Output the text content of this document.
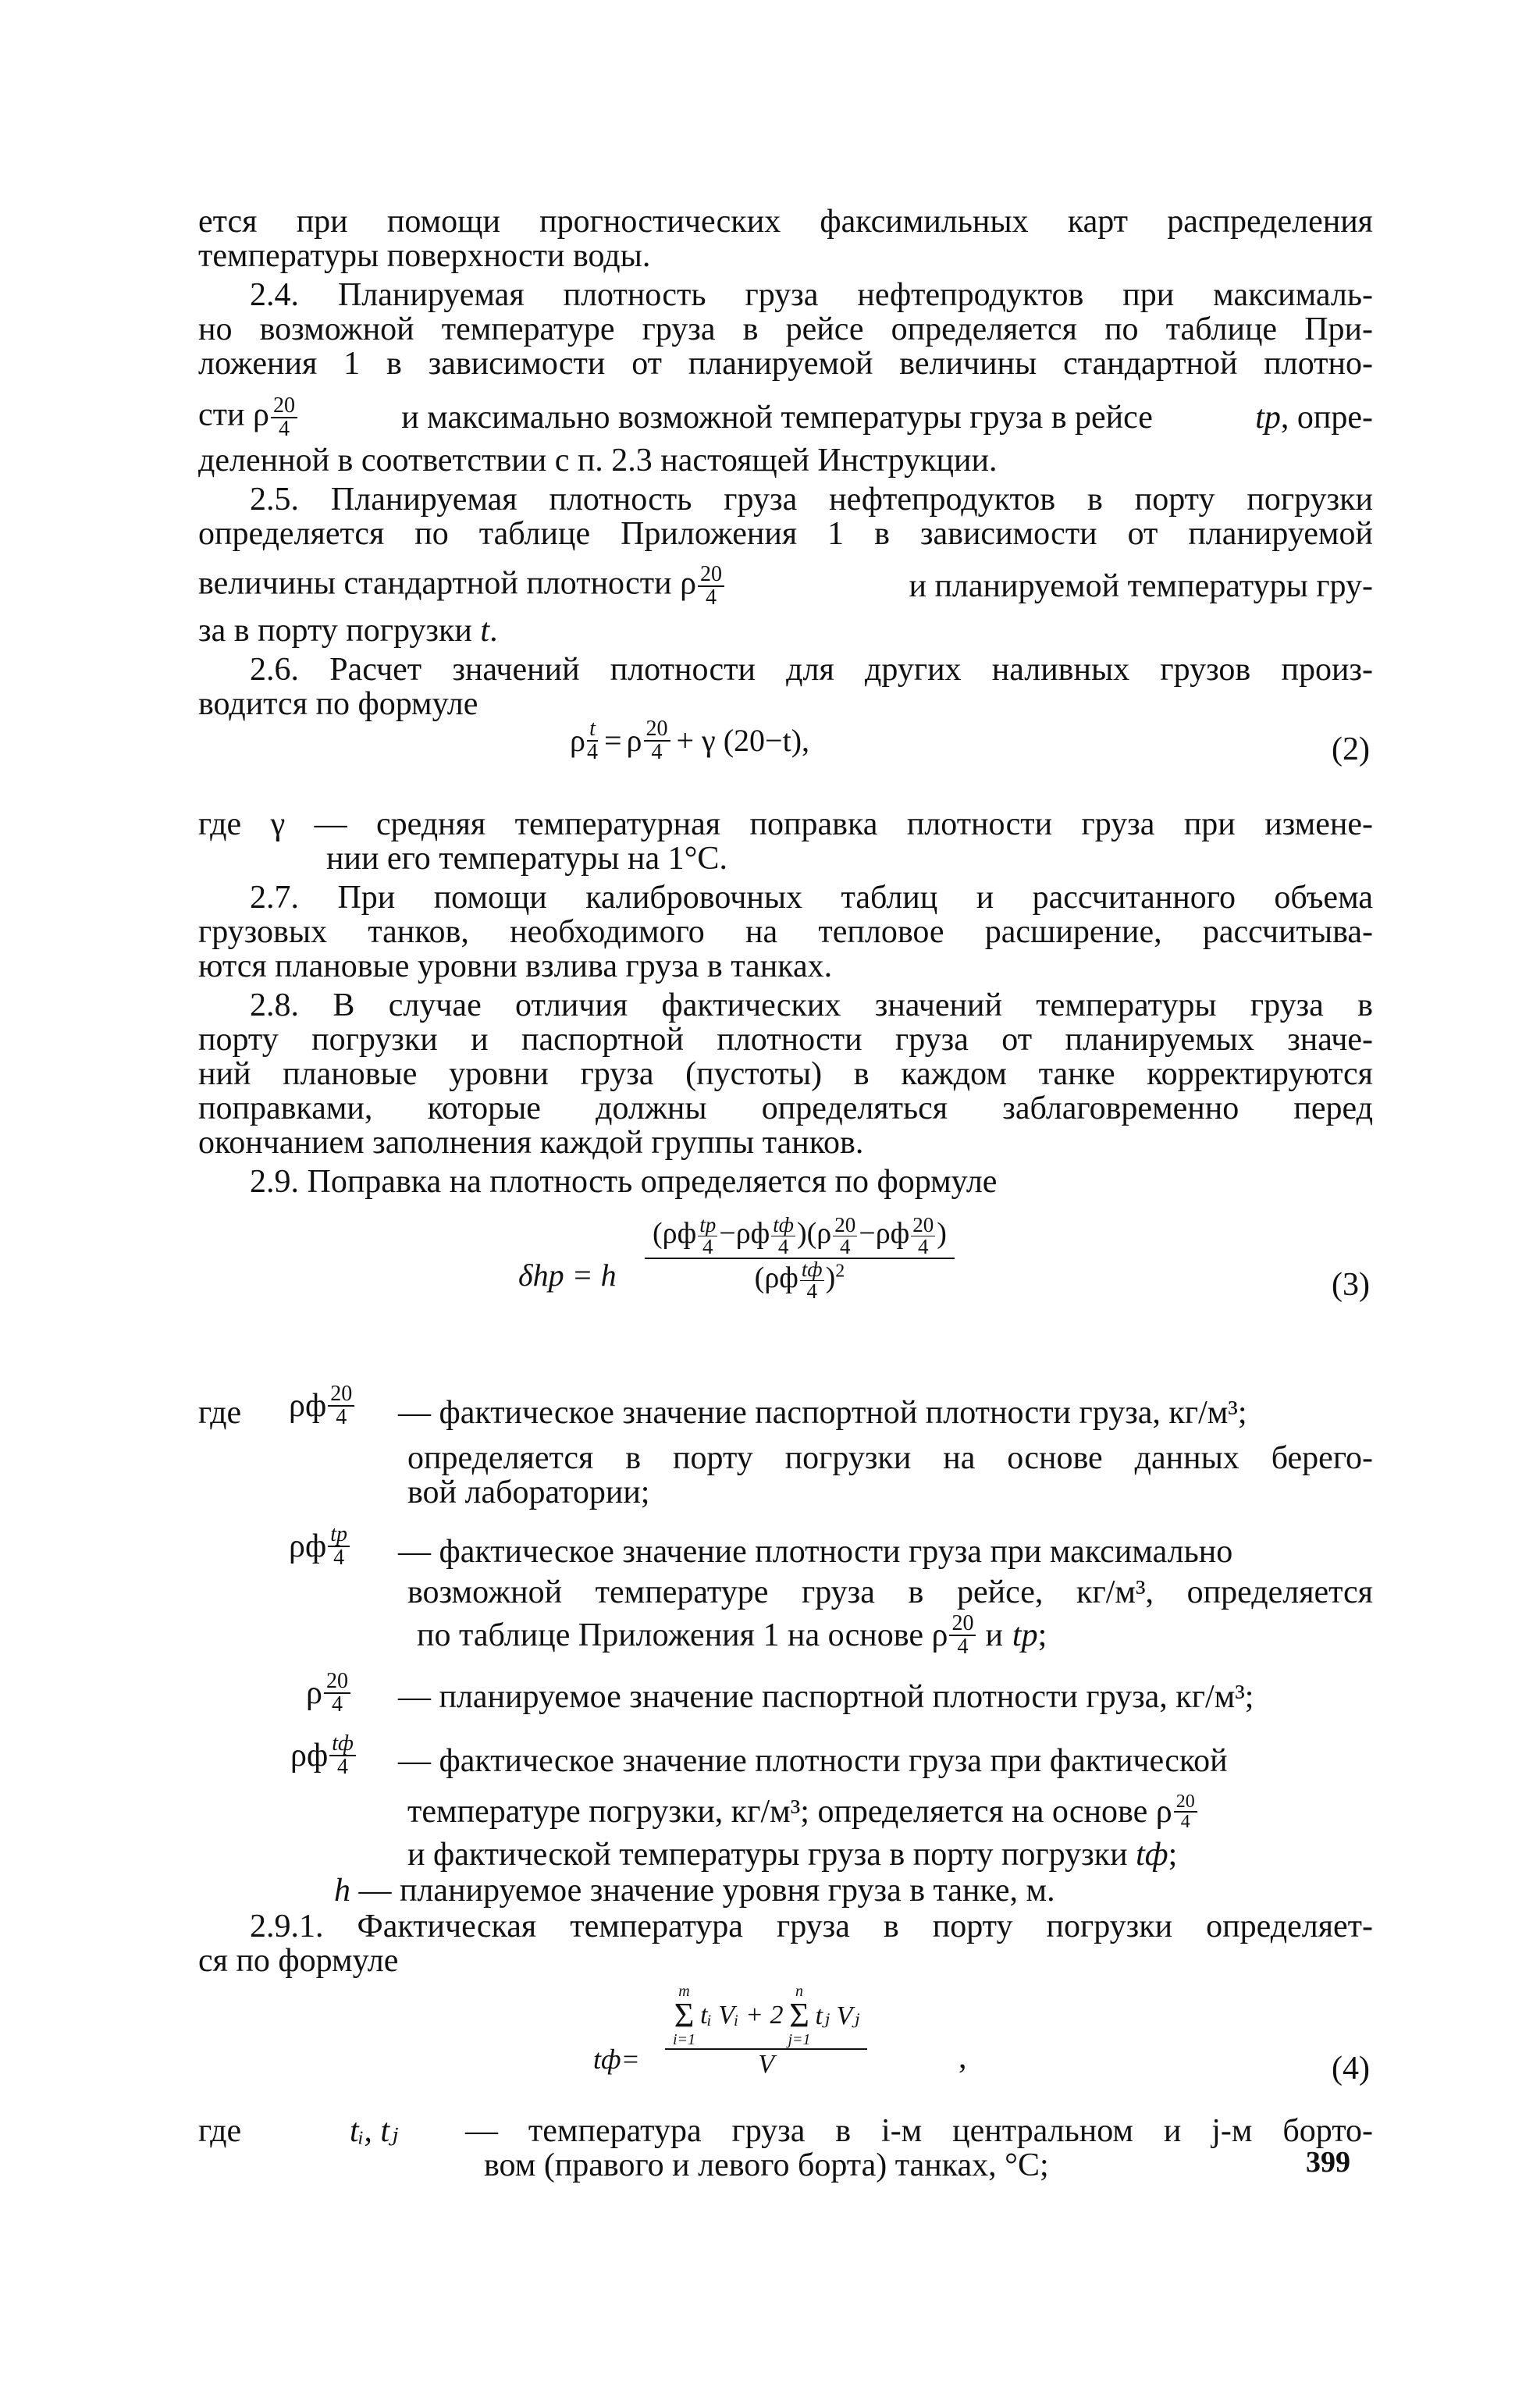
ется при помощи прогностических факсимильных карт распределения

температуры поверхности воды.

2.4. Планируемая плотность груза нефтепродуктов при максималь-

но возможной температуре груза в рейсе определяется по таблице При-

ложения 1 в зависимости от планируемой величины стандартной плотно-

сти ρ $\frac{20}{4}$	и максимально возможной температуры груза в рейсе	tр, опре-

деленной в соответствии с п. 2.3 настоящей Инструкции.

2.5. Планируемая плотность груза нефтепродуктов в порту погрузки

определяется по таблице Приложения 1 в зависимости от планируемой

величины стандартной плотности ρ $\frac{20}{4}$	и планируемой температуры гру-
за в порту погрузки t.

2.6. Расчет значений плотности для других наливных грузов произ-

водится по формуле

ρ $\frac{t}{4} = \rho \frac{20}{4} + \gamma$ (20−t),	(2)

где γ — средняя температурная поправка плотности груза при измене-

нии его температуры на 1°С.

2.7. При помощи калибровочных таблиц и рассчитанного объема

грузовых танков, необходимого на тепловое расширение, рассчитыва-

ются плановые уровни взлива груза в танках.

2.8. В случае отличия фактических значений температуры груза в

порту погрузки и паспортной плотности груза от планируемых значе-

ний плановые уровни груза (пустоты) в каждом танке корректируются

поправками, которые должны определяться заблаговременно перед

окончанием заполнения каждой группы танков.

2.9. Поправка на плотность определяется по формуле

δhр = h
(ρф tр
4 −ρф tф
4 )($\rho \frac{20}{4} -\rho ф \frac{20}{4}$ )
(ρф tф
4 )$^2$	(3)
где ρф $\frac{20}{4}$ — фактическое значение паспортной плотности груза, кг/м³;

определяется в порту погрузки на основе данных берего-

вой лаборатории;
ρф $\frac{tр}{4}$ — фактическое значение плотности груза при максимально

возможной температуре груза в рейсе, кг/м³, определяется

по таблице Приложения 1 на основе ρ $\frac{20}{4}$ и tр ;
ρ $\frac{20}{4}$ — планируемое значение паспортной плотности груза, кг/м³;
ρф $\frac{tф}{4}$ — фактическое значение плотности груза при фактической
температуре погрузки, кг/м³; определяется на основе ρ $\frac{20}{4}$
и фактической температуры груза в порту погрузки tф;
h — планируемое значение уровня груза в танке, м.

2.9.1. Фактическая температура груза в порту погрузки определяет-

ся по формуле

tф=
m
Σ
i=1
tᵢ Vᵢ + 2
n
Σ
j=1
tⱼ Vⱼ
V	,	(4)
где	tᵢ, tⱼ — температура груза в i-м центральном и j-м борто-

вом (правого и левого борта) танках, °С;	399
